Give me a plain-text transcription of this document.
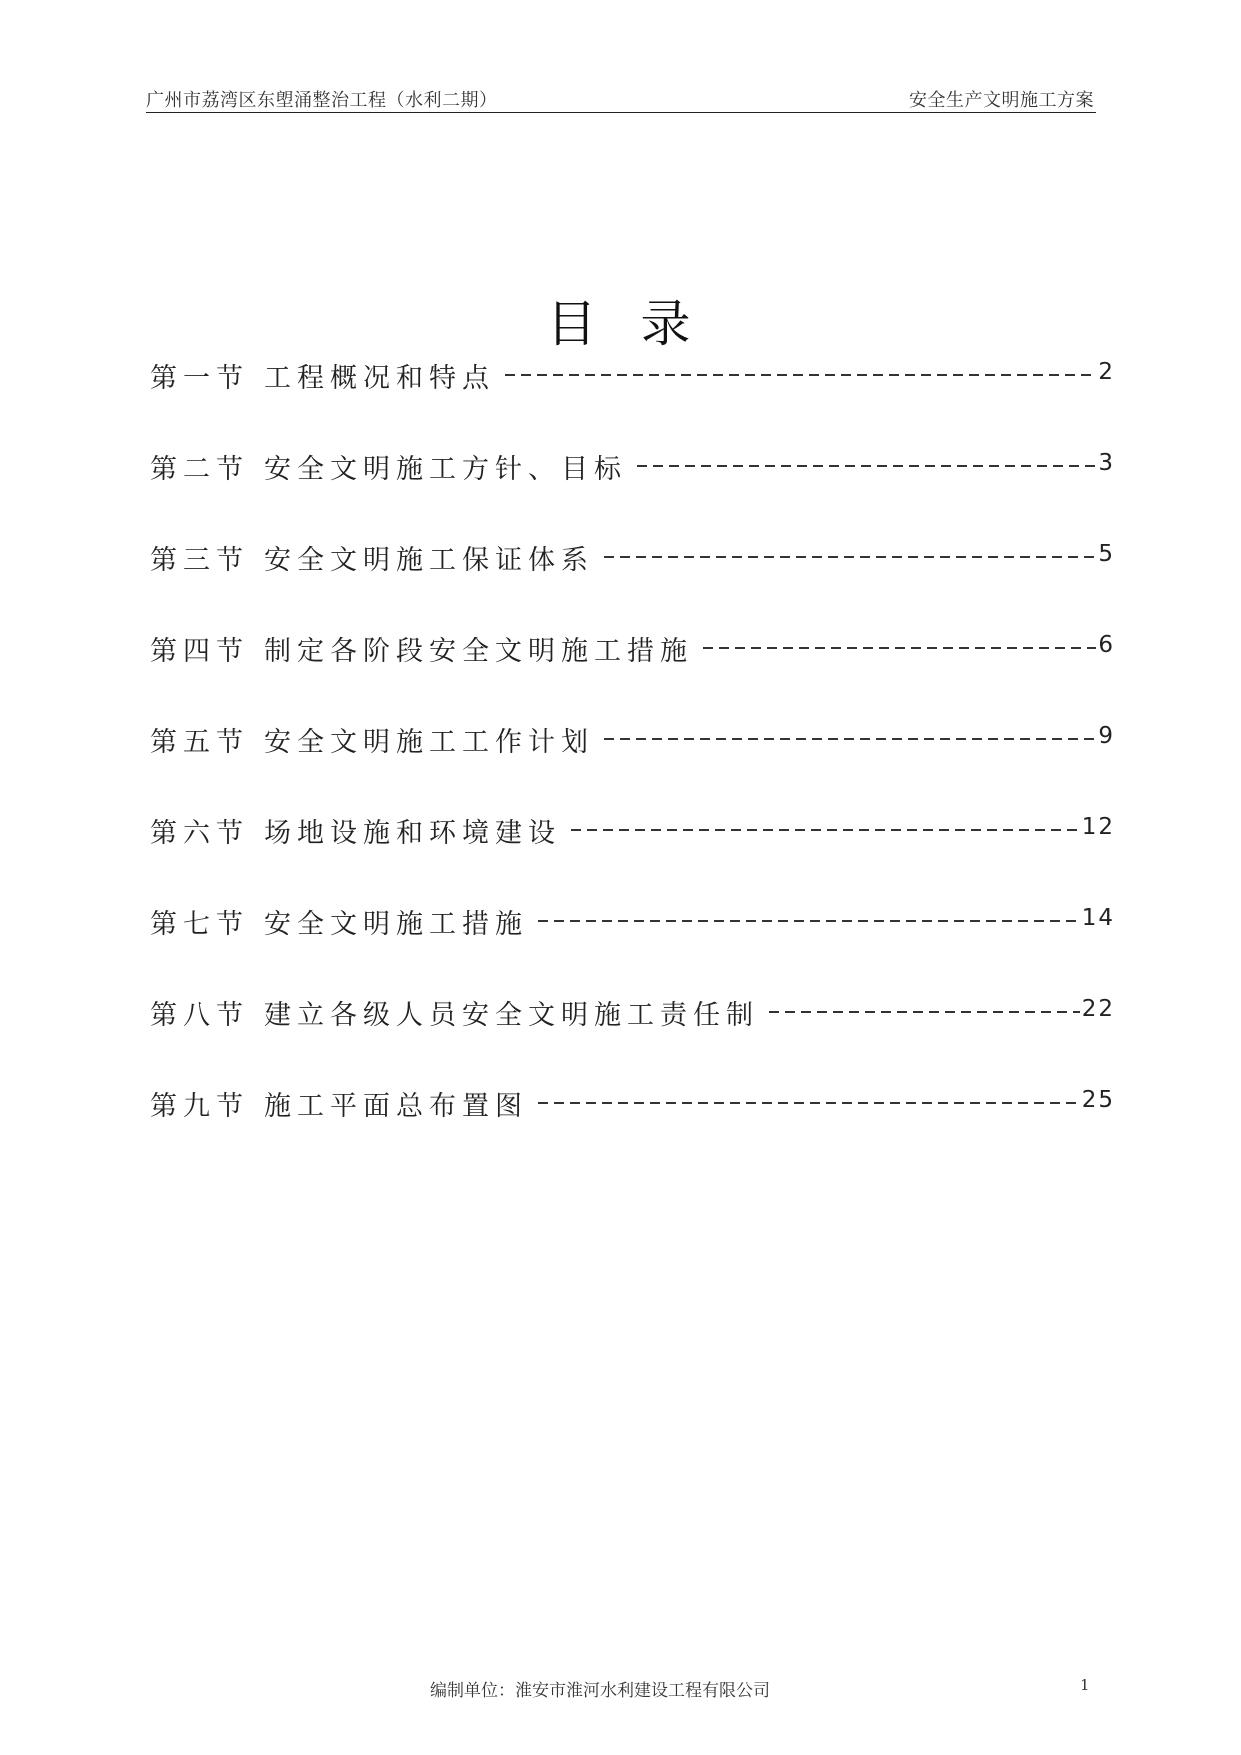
广州市荔湾区东塱涌整治工程（水利二期）	安全生产文明施工方案
目录
第一节 工程概况和特点	2
第二节 安全文明施工方针、目标	3
第三节 安全文明施工保证体系	5
第四节 制定各阶段安全文明施工措施	6
第五节 安全文明施工工作计划	9
第六节 场地设施和环境建设	12
第七节 安全文明施工措施	14
第八节 建立各级人员安全文明施工责任制	22
第九节 施工平面总布置图	25
编制单位：淮安市淮河水利建设工程有限公司	1
